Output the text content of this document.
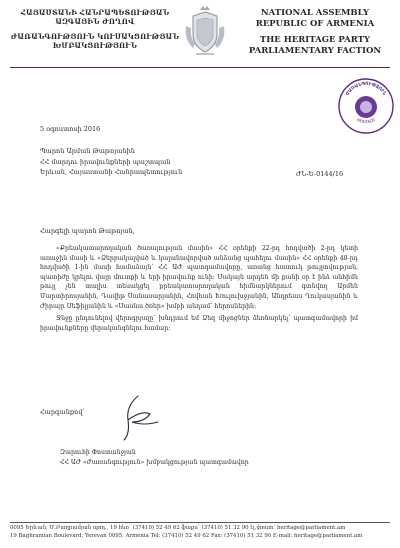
ՀԱՅԱՍՏԱՆԻ ՀԱՆՐԱՊԵՏՈՒԹՅԱՆ
ԱԶԳԱՅԻՆ ԺՈՂՈՎ
ԺԱՌԱՆԳՈՒԹՅՈՒՆ ԿՈՒՍԱԿՑՈՒԹՅԱՆ
ԽՄԲԱԿՑՈՒԹՅՈՒՆ
NATIONAL ASSEMBLY
REPUBLIC OF ARMENIA
THE HERITAGE PARTY
PARLIAMENTARY FACTION
ԺԱՌԱՆԳՈՒԹՅՈՒՆ
HERITAGE
5 օգոստոսի 2016
Պարոն Արման Թաթոյանին
ՀՀ մարդու իրավունքների պաշտպան
Երևան, Հայաստանի Հանրապետություն	ԺՆ-Ե-0144/16
Հարգելի պարոն Թաթոյան,

«Քրեակատարողական ծառայության մասին» ՀՀ օրենքի 22-րդ հոդվածի 2-րդ կետի առաջին մասի և «Ձերբակալված և կալանավորված անձանց պահելու մասին» ՀՀ օրենքի 48-րդ հոդվածի 1-ին մասի համաձայն՝ ՀՀ ԱԺ պատգամավորը, առանց հատուկ թույլտվության, պատիժը կրելու վայր մուտքի և երի իրավունք ունի: Սակայն արդեն մի քանի օր է ինձ անհիմն թույլ չեն տալիս տեսակցել քրեակատարողական հիմնարկներում գտնվող Արմեն Մարտիրոսյանին, Դավիթ Սանասարյանին, Հովհան Խուլուխջյանին, Անդրեաս Ղուկասյանին և Ժիրայր Սեֆիլյանին և «Սասնա ծռեր» խմբի անդամ՝ հերոսներին:

Ջնջը ընդունելով վերոգրյալը՝ խնդրում եմ Ձեզ միջոցներ ձեռնարկել՝ պատգամավորի իմ իրավունքները վերականգնելու համար:

Հարգանքով՝
Զարուհի Փոստանջյան
ՀՀ ԱԺ «Ժառանգություն» խմբակցության պատգամավոր
0095 Երևան, Մ.Բաղրամյան պող., 19 հեռ՝ (37410) 52 49 62 ֆաքս՝ (37410) 51 32 90 էլ.փոստ՝ heritage@parliament.am
19 Baghramian Boulevard, Yerevan 0095, Armenia Tel: (37410) 52 49 62 Fax: (37410) 51 32 90 E-mail: heritage@parliament.am
